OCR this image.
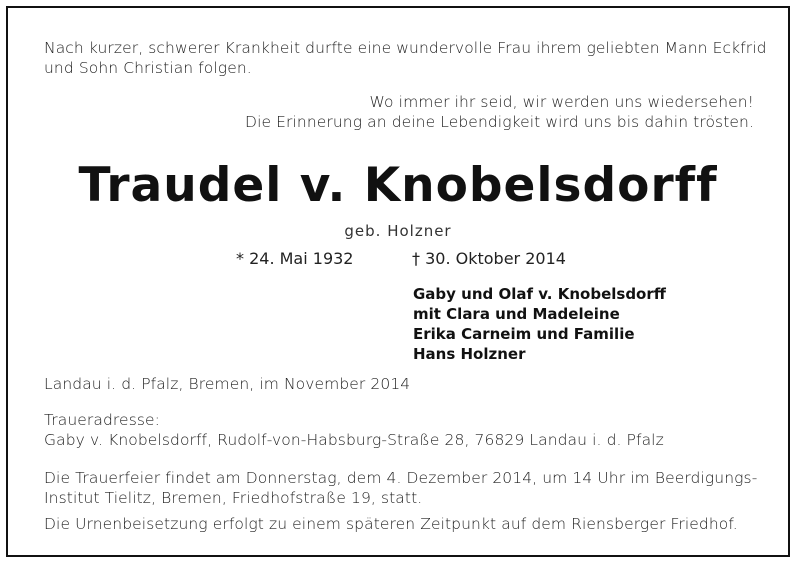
Nach kurzer, schwerer Krankheit durfte eine wundervolle Frau ihrem geliebten Mann Eckfrid
und Sohn Christian folgen.
Wo immer ihr seid, wir werden uns wiedersehen!
Die Erinnerung an deine Lebendigkeit wird uns bis dahin trösten.
Traudel v. Knobelsdorff
geb. Holzner
* 24. Mai 1932	† 30. Oktober 2014
Gaby und Olaf v. Knobelsdorff
mit Clara und Madeleine
Erika Carneim und Familie
Hans Holzner
Landau i. d. Pfalz, Bremen, im November 2014
Traueradresse:
Gaby v. Knobelsdorff, Rudolf-von-Habsburg-Straße 28, 76829 Landau i. d. Pfalz
Die Trauerfeier findet am Donnerstag, dem 4. Dezember 2014, um 14 Uhr im Beerdigungs-
Institut Tielitz, Bremen, Friedhofstraße 19, statt.
Die Urnenbeisetzung erfolgt zu einem späteren Zeitpunkt auf dem Riensberger Friedhof.
